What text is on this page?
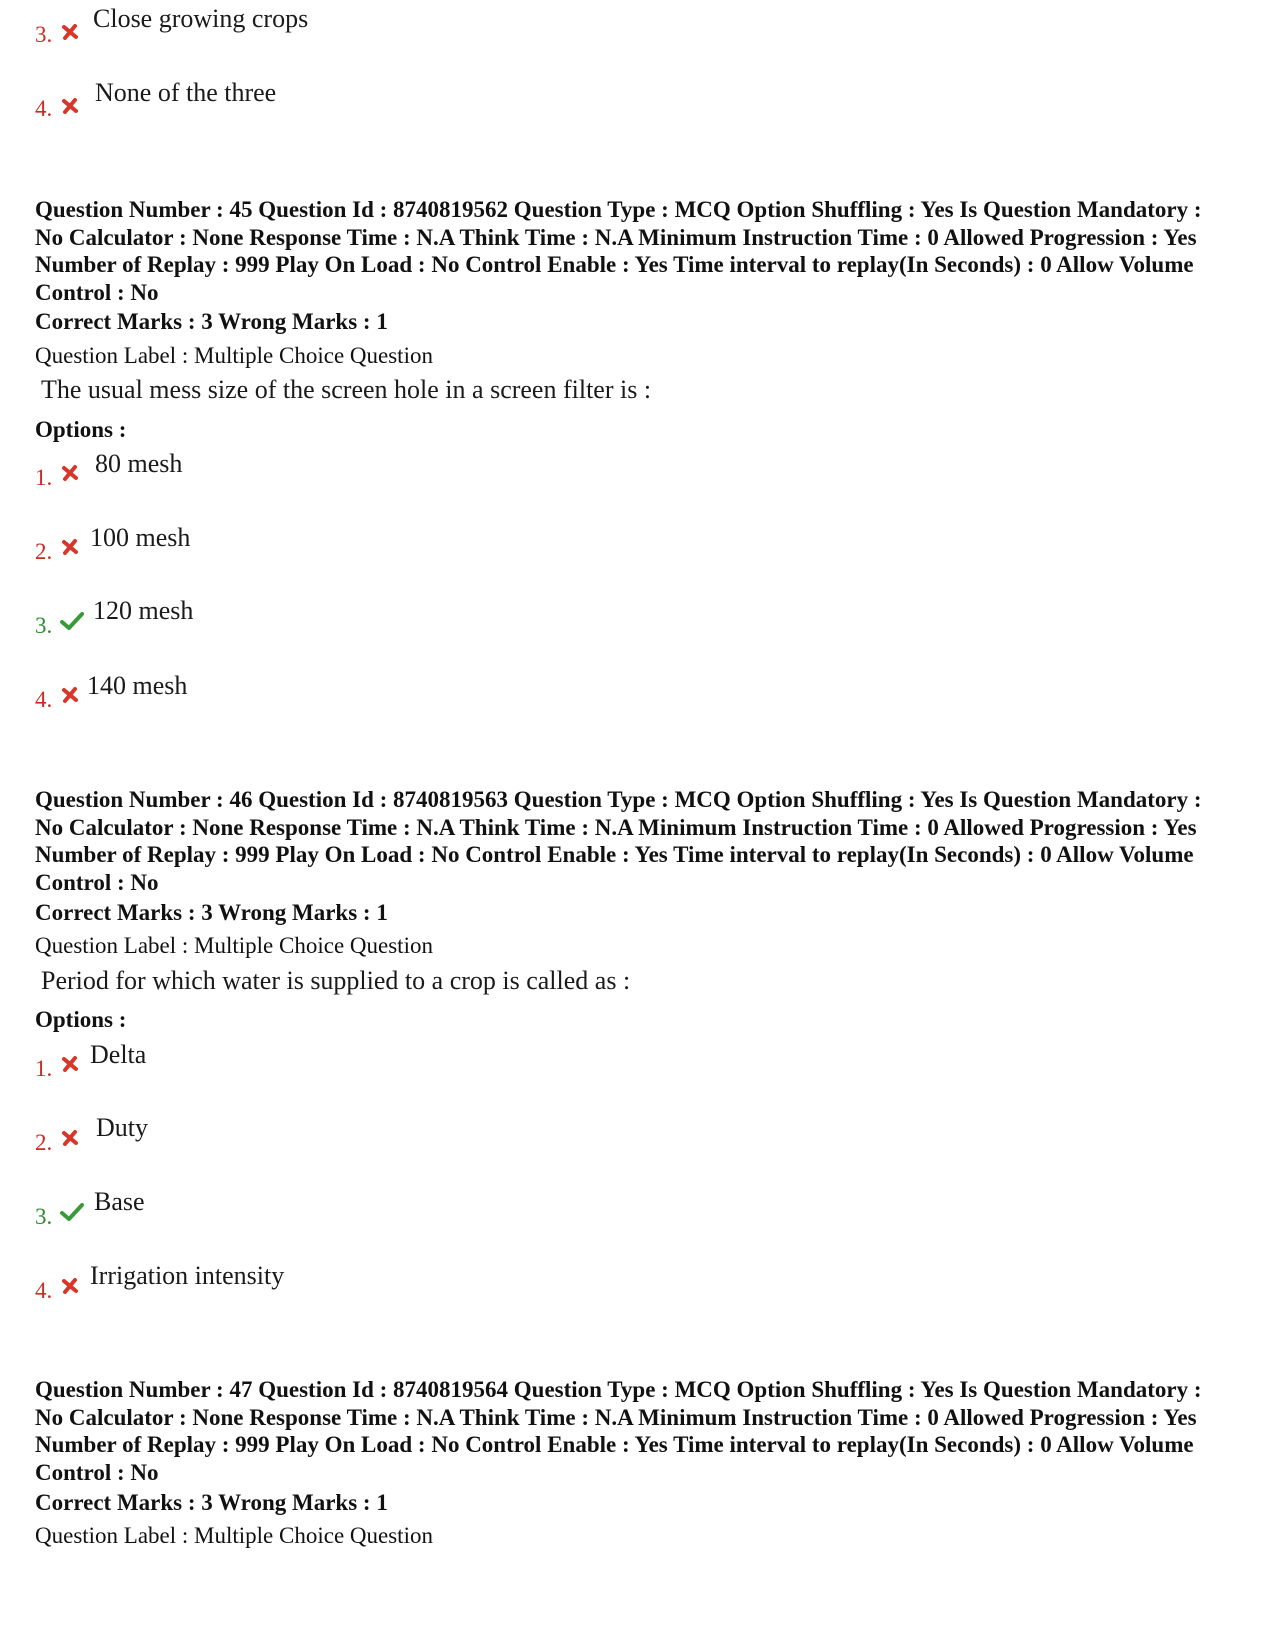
3.
Close growing crops
4.
None of the three
Question Number : 45 Question Id : 8740819562 Question Type : MCQ Option Shuffling : Yes Is Question Mandatory : No Calculator : None Response Time : N.A Think Time : N.A Minimum Instruction Time : 0 Allowed Progression : Yes Number of Replay : 999 Play On Load : No Control Enable : Yes Time interval to replay(In Seconds) : 0 Allow Volume Control : No
Correct Marks : 3 Wrong Marks : 1
Question Label : Multiple Choice Question
The usual mess size of the screen hole in a screen filter is :
Options :
1. 80 mesh
2. 100 mesh
3.
120 mesh
4. 140 mesh
Question Number : 46 Question Id : 8740819563 Question Type : MCQ Option Shuffling : Yes Is Question Mandatory : No Calculator : None Response Time : N.A Think Time : N.A Minimum Instruction Time : 0 Allowed Progression : Yes Number of Replay : 999 Play On Load : No Control Enable : Yes Time interval to replay(In Seconds) : 0 Allow Volume Control : No
Correct Marks : 3 Wrong Marks : 1
Question Label : Multiple Choice Question
Period for which water is supplied to a crop is called as :
Options :
1. Delta
2.
Duty
3.
Base
4.
Irrigation intensity
Question Number : 47 Question Id : 8740819564 Question Type : MCQ Option Shuffling : Yes Is Question Mandatory : No Calculator : None Response Time : N.A Think Time : N.A Minimum Instruction Time : 0 Allowed Progression : Yes Number of Replay : 999 Play On Load : No Control Enable : Yes Time interval to replay(In Seconds) : 0 Allow Volume Control : No
Correct Marks : 3 Wrong Marks : 1
Question Label : Multiple Choice Question
